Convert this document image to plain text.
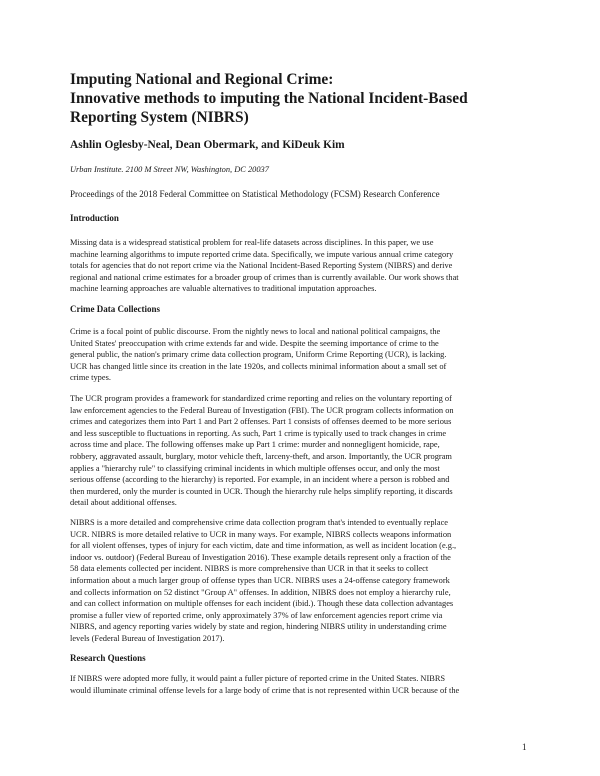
Imputing National and Regional Crime:
Innovative methods to imputing the National Incident-Based
Reporting System (NIBRS)

Ashlin Oglesby-Neal, Dean Obermark, and KiDeuk Kim

Urban Institute. 2100 M Street NW, Washington, DC 20037

Proceedings of the 2018 Federal Committee on Statistical Methodology (FCSM) Research Conference

Introduction
Missing data is a widespread statistical problem for real-life datasets across disciplines. In this paper, we use
machine learning algorithms to impute reported crime data. Specifically, we impute various annual crime category
totals for agencies that do not report crime via the National Incident-Based Reporting System (NIBRS) and derive
regional and national crime estimates for a broader group of crimes than is currently available. Our work shows that
machine learning approaches are valuable alternatives to traditional imputation approaches.
Crime Data Collections
Crime is a focal point of public discourse. From the nightly news to local and national political campaigns, the
United States' preoccupation with crime extends far and wide. Despite the seeming importance of crime to the
general public, the nation's primary crime data collection program, Uniform Crime Reporting (UCR), is lacking.
UCR has changed little since its creation in the late 1920s, and collects minimal information about a small set of
crime types.
The UCR program provides a framework for standardized crime reporting and relies on the voluntary reporting of
law enforcement agencies to the Federal Bureau of Investigation (FBI). The UCR program collects information on
crimes and categorizes them into Part 1 and Part 2 offenses. Part 1 consists of offenses deemed to be more serious
and less susceptible to fluctuations in reporting. As such, Part 1 crime is typically used to track changes in crime
across time and place. The following offenses make up Part 1 crime: murder and nonnegligent homicide, rape,
robbery, aggravated assault, burglary, motor vehicle theft, larceny-theft, and arson. Importantly, the UCR program
applies a "hierarchy rule" to classifying criminal incidents in which multiple offenses occur, and only the most
serious offense (according to the hierarchy) is reported. For example, in an incident where a person is robbed and
then murdered, only the murder is counted in UCR. Though the hierarchy rule helps simplify reporting, it discards
detail about additional offenses.
NIBRS is a more detailed and comprehensive crime data collection program that's intended to eventually replace
UCR. NIBRS is more detailed relative to UCR in many ways. For example, NIBRS collects weapons information
for all violent offenses, types of injury for each victim, date and time information, as well as incident location (e.g.,
indoor vs. outdoor) (Federal Bureau of Investigation 2016). These example details represent only a fraction of the
58 data elements collected per incident. NIBRS is more comprehensive than UCR in that it seeks to collect
information about a much larger group of offense types than UCR. NIBRS uses a 24-offense category framework
and collects information on 52 distinct "Group A" offenses. In addition, NIBRS does not employ a hierarchy rule,
and can collect information on multiple offenses for each incident (ibid.). Though these data collection advantages
promise a fuller view of reported crime, only approximately 37% of law enforcement agencies report crime via
NIBRS, and agency reporting varies widely by state and region, hindering NIBRS utility in understanding crime
levels (Federal Bureau of Investigation 2017).
Research Questions
If NIBRS were adopted more fully, it would paint a fuller picture of reported crime in the United States. NIBRS
would illuminate criminal offense levels for a large body of crime that is not represented within UCR because of the

1
